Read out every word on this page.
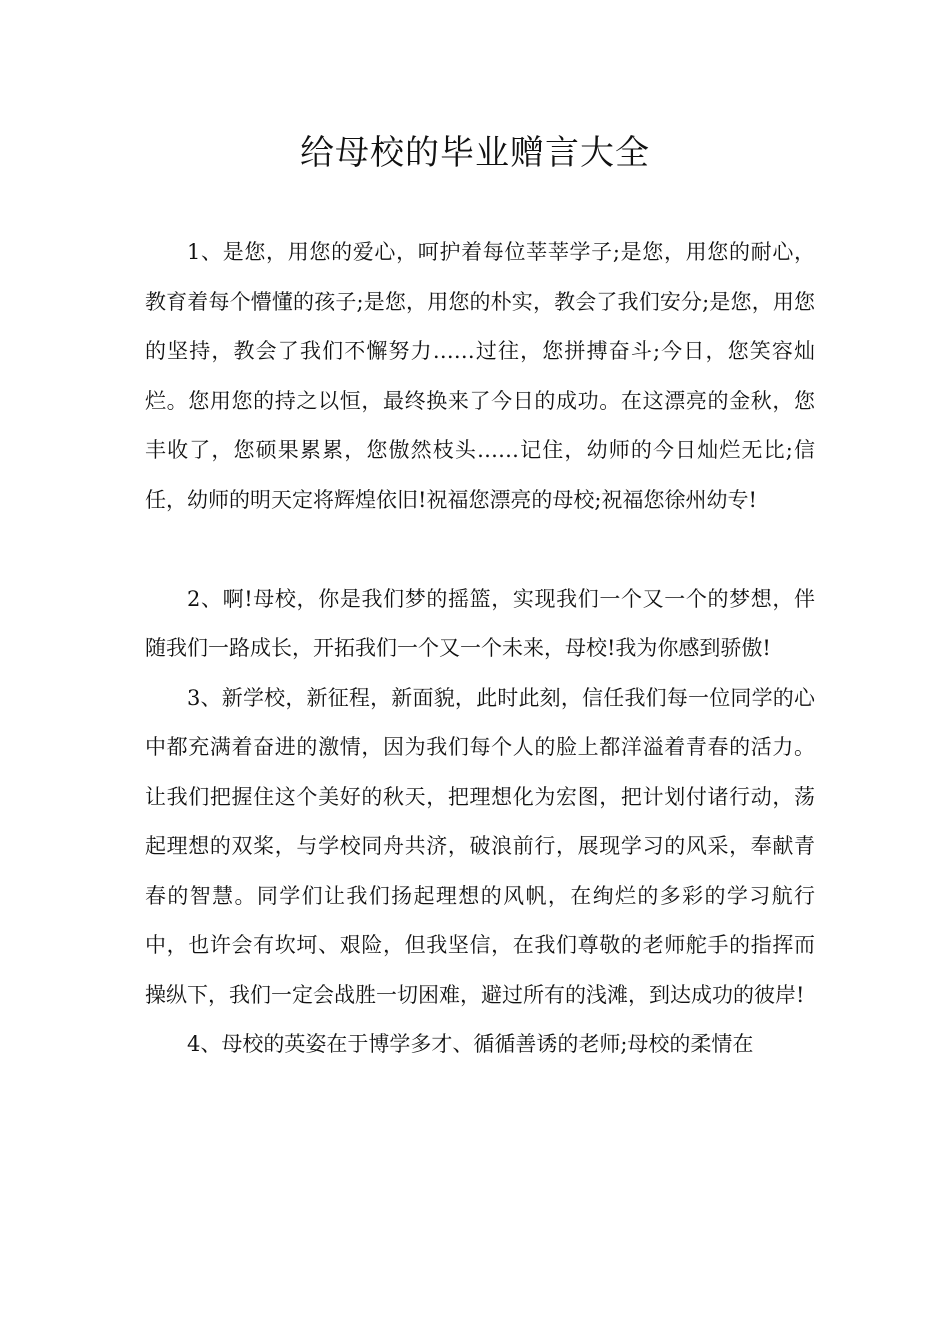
给母校的毕业赠言大全

1、是您，用您的爱心，呵护着每位莘莘学子;是您，用您的耐心，教育着每个懵懂的孩子;是您，用您的朴实，教会了我们安分;是您，用您的坚持，教会了我们不懈努力……过往，您拼搏奋斗;今日，您笑容灿烂。您用您的持之以恒，最终换来了今日的成功。在这漂亮的金秋，您丰收了，您硕果累累，您傲然枝头……记住，幼师的今日灿烂无比;信任，幼师的明天定将辉煌依旧!祝福您漂亮的母校;祝福您徐州幼专!

2、啊!母校，你是我们梦的摇篮，实现我们一个又一个的梦想，伴随我们一路成长，开拓我们一个又一个未来，母校!我为你感到骄傲!

3、新学校，新征程，新面貌，此时此刻，信任我们每一位同学的心中都充满着奋进的激情，因为我们每个人的脸上都洋溢着青春的活力。让我们把握住这个美好的秋天，把理想化为宏图，把计划付诸行动，荡起理想的双桨，与学校同舟共济，破浪前行，展现学习的风采，奉献青春的智慧。同学们让我们扬起理想的风帆，在绚烂的多彩的学习航行中，也许会有坎坷、艰险，但我坚信，在我们尊敬的老师舵手的指挥而操纵下，我们一定会战胜一切困难，避过所有的浅滩，到达成功的彼岸!

4、母校的英姿在于博学多才、循循善诱的老师;母校的柔情在
